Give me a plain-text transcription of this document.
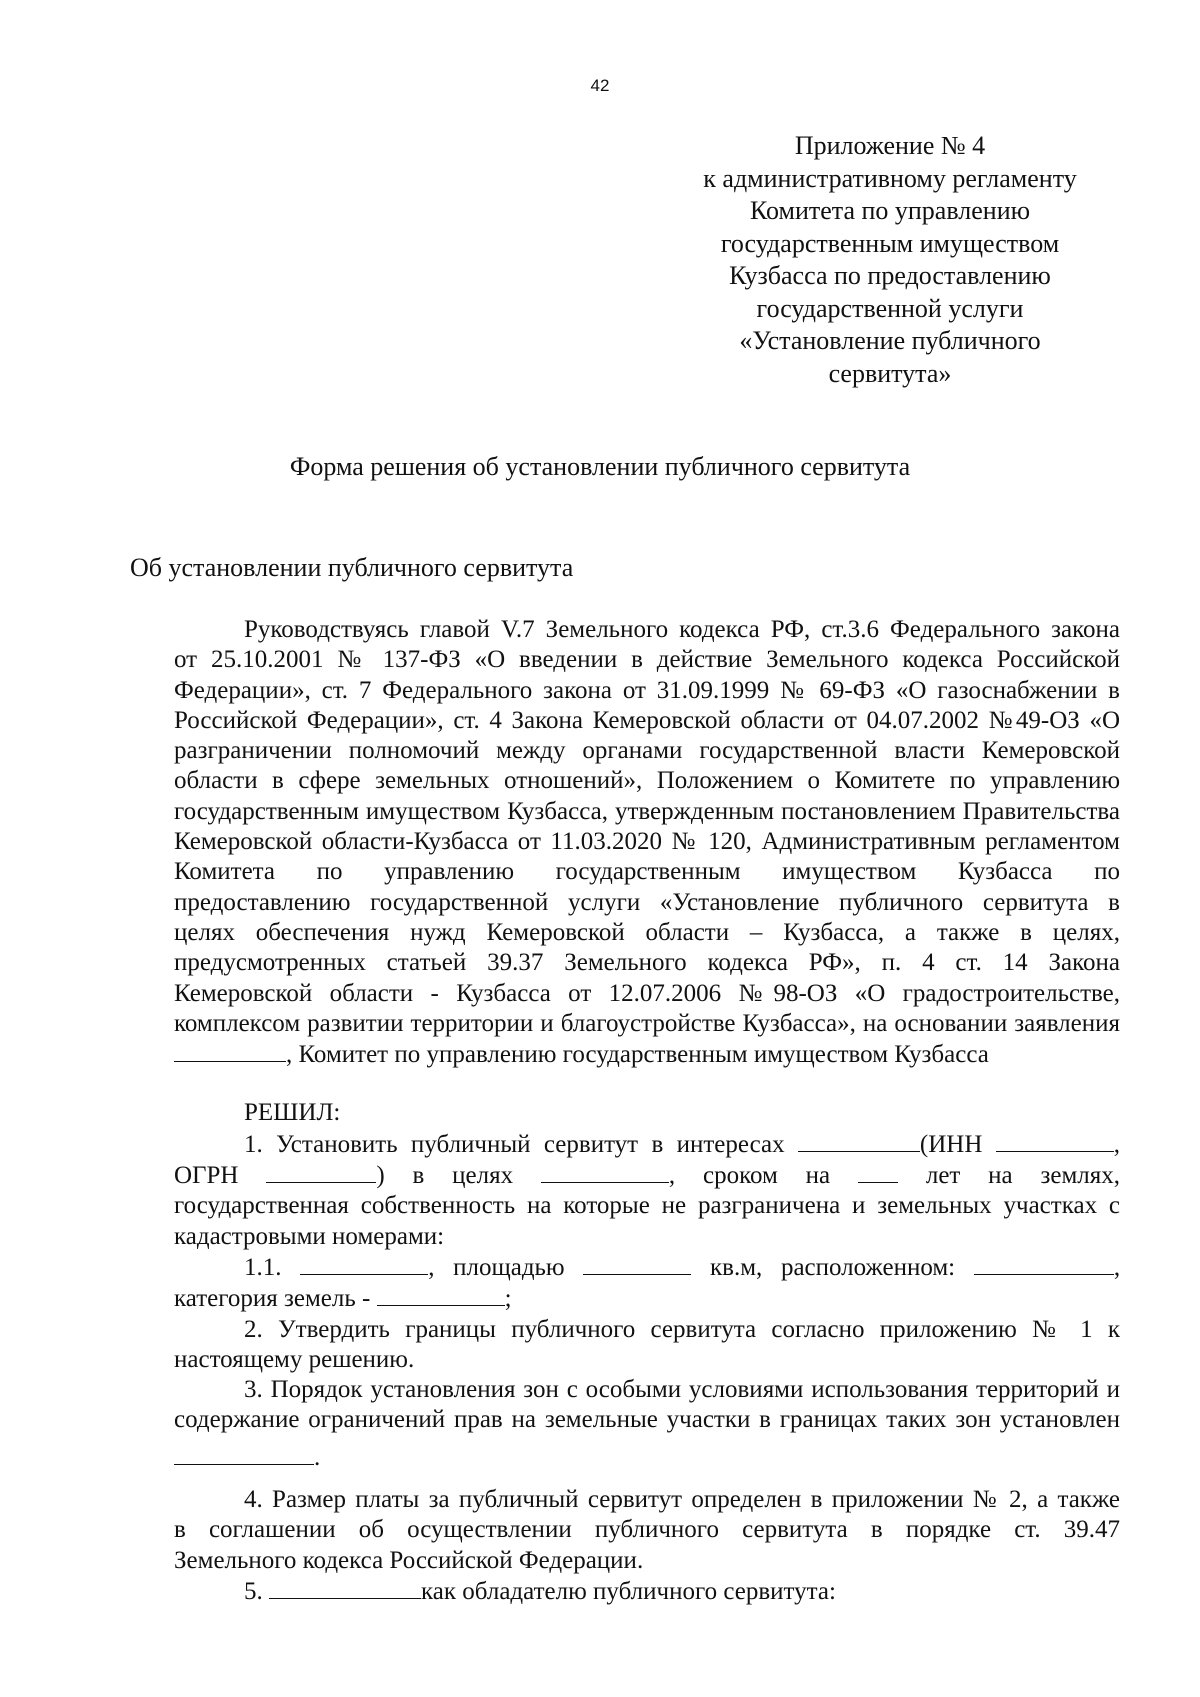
42
Приложение № 4
к административному регламенту
Комитета по управлению
государственным имуществом
Кузбасса по предоставлению
государственной услуги
«Установление публичного
сервитута»
Форма решения об установлении публичного сервитута
Об установлении публичного сервитута

Руководствуясь главой V.7 Земельного кодекса РФ, ст.3.6 Федерального закона

от 25.10.2001 № 137-ФЗ «О введении в действие Земельного кодекса Российской

Федерации», ст. 7 Федерального закона от 31.09.1999 № 69-ФЗ «О газоснабжении в

Российской Федерации», ст. 4 Закона Кемеровской области от 04.07.2002 №49-ОЗ «О

разграничении полномочий между органами государственной власти Кемеровской

области в сфере земельных отношений», Положением о Комитете по управлению

государственным имуществом Кузбасса, утвержденным постановлением Правительства

Кемеровской области-Кузбасса от 11.03.2020 № 120, Административным регламентом

Комитета по управлению государственным имуществом Кузбасса по

предоставлению государственной услуги «Установление публичного сервитута в

целях обеспечения нужд Кемеровской области – Кузбасса, а также в целях,

предусмотренных статьей 39.37 Земельного кодекса РФ», п. 4 ст. 14 Закона

Кемеровской области - Кузбасса от 12.07.2006 №98-ОЗ «О градостроительстве,

комплексом развитии территории и благоустройстве Кузбасса», на основании заявления

, Комитет по управлению государственным имуществом Кузбасса

РЕШИЛ:

1. Установить публичный сервитут в интересах	(ИНН	,

ОГРН	) в целях	, сроком на	лет на землях,

государственная собственность на которые не разграничена и земельных участках с

кадастровыми номерами:

1.1.	, площадью	кв.м, расположенном:	,

категория земель -	;

2. Утвердить границы публичного сервитута согласно приложению № 1 к

настоящему решению.

3. Порядок установления зон с особыми условиями использования территорий и

содержание ограничений прав на земельные участки в границах таких зон установлен

.

4. Размер платы за публичный сервитут определен в приложении № 2, а также

в соглашении об осуществлении публичного сервитута в порядке ст. 39.47

Земельного кодекса Российской Федерации.

5.	как обладателю публичного сервитута:
